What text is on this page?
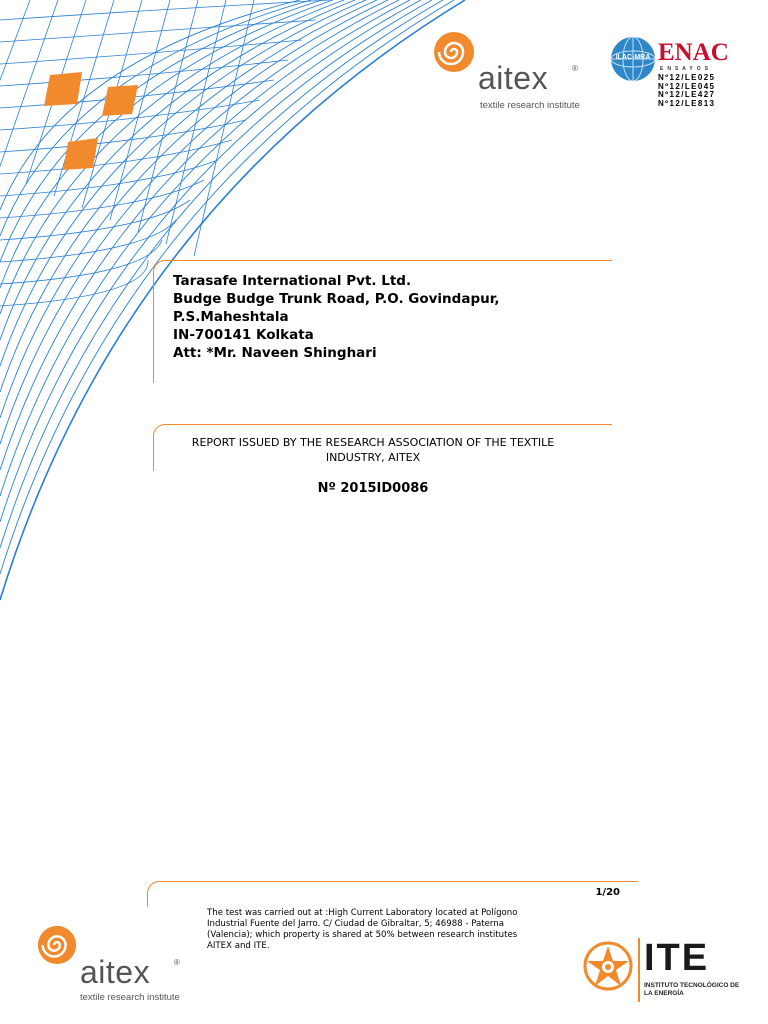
aitex	®
textile research institute
ILAC-MRA ENAC
ENSAYOS
Nº12/LE025
Nº12/LE045
Nº12/LE427
Nº12/LE813
Tarasafe International Pvt. Ltd.
Budge Budge Trunk Road, P.O. Govindapur,
P.S.Maheshtala
IN-700141 Kolkata
Att: *Mr. Naveen Shinghari
REPORT ISSUED BY THE RESEARCH ASSOCIATION OF THE TEXTILE
INDUSTRY, AITEX
Nº 2015ID0086
1/20
The test was carried out at :High Current Laboratory located at Polígono
Industrial Fuente del Jarro. C/ Ciudad de Gibraltar, 5; 46988 - Paterna
(Valencia); which property is shared at 50% between research institutes
AITEX and ITE.
aitex	®
textile research institute
ITE
INSTITUTO TECNOLÓGICO DE
LA ENERGÍA
